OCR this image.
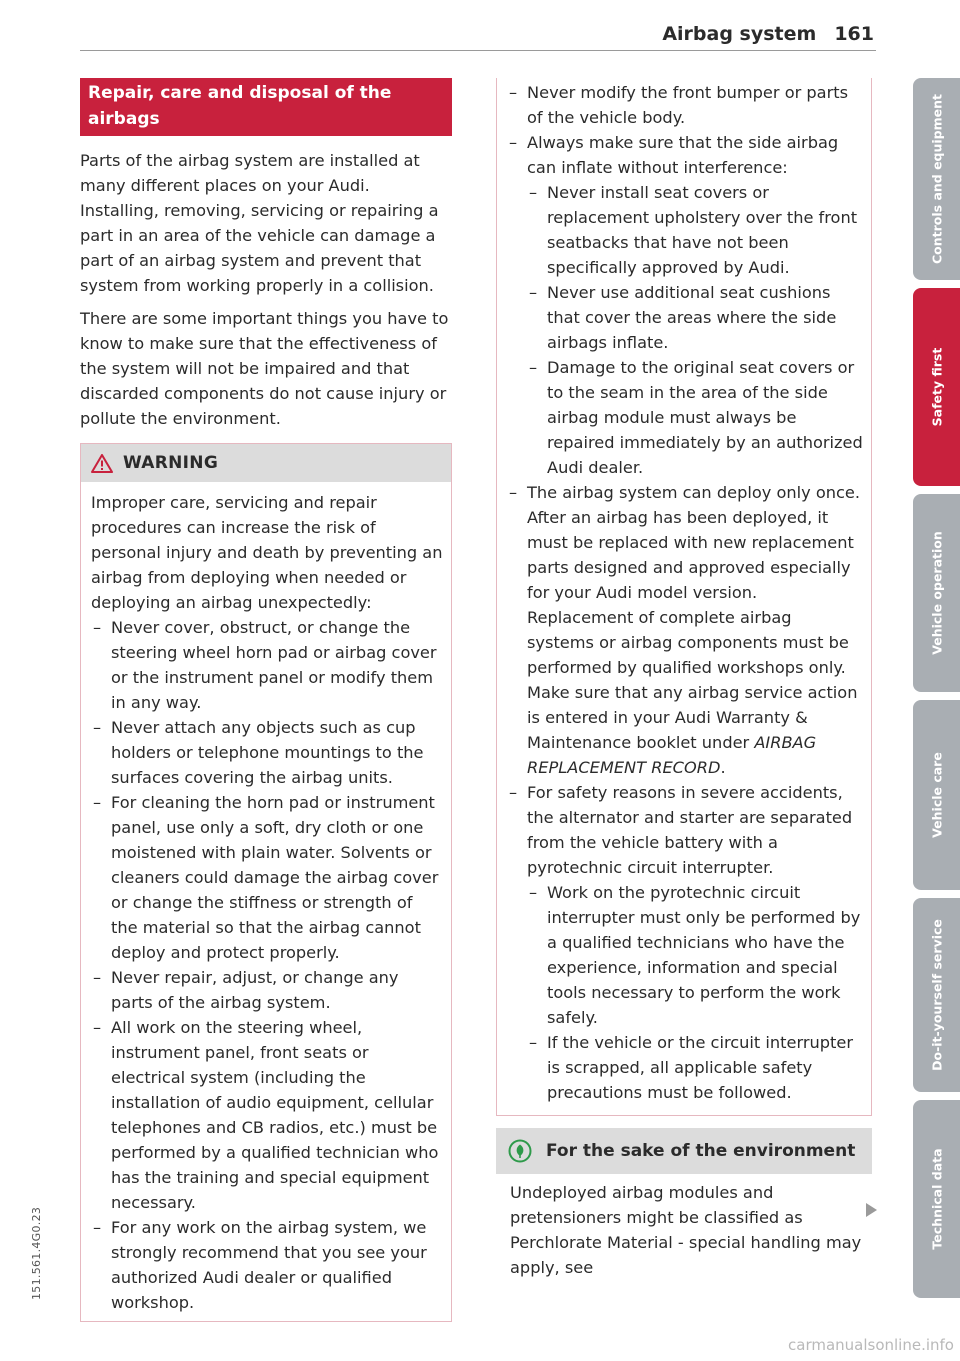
Airbag system 161
Repair, care and disposal of the airbags

Parts of the airbag system are installed at many different places on your Audi. Installing, removing, servicing or repairing a part in an area of the vehicle can damage a part of an airbag system and prevent that system from working properly in a collision.

There are some important things you have to know to make sure that the effectiveness of the system will not be impaired and that discarded components do not cause injury or pollute the environment.

WARNING

Improper care, servicing and repair procedures can increase the risk of personal injury and death by preventing an airbag from deploying when needed or deploying an airbag unexpectedly:

– Never cover, obstruct, or change the steering wheel horn pad or airbag cover or the instrument panel or modify them in any way.
– Never attach any objects such as cup holders or telephone mountings to the surfaces covering the airbag units.
– For cleaning the horn pad or instrument panel, use only a soft, dry cloth or one moistened with plain water. Solvents or cleaners could damage the airbag cover or change the stiffness or strength of the material so that the airbag cannot deploy and protect properly.
– Never repair, adjust, or change any parts of the airbag system.
– All work on the steering wheel, instrument panel, front seats or electrical system (including the installation of audio equipment, cellular telephones and CB radios, etc.) must be performed by a qualified technician who has the training and special equipment necessary.
– For any work on the airbag system, we strongly recommend that you see your authorized Audi dealer or qualified workshop.
– Never modify the front bumper or parts of the vehicle body.
– Always make sure that the side airbag can inflate without interference:
– Never install seat covers or replacement upholstery over the front seatbacks that have not been specifically approved by Audi.
– Never use additional seat cushions that cover the areas where the side airbags inflate.
– Damage to the original seat covers or to the seam in the area of the side airbag module must always be repaired immediately by an authorized Audi dealer.
– The airbag system can deploy only once. After an airbag has been deployed, it must be replaced with new replacement parts designed and approved especially for your Audi model version. Replacement of complete airbag systems or airbag components must be performed by qualified workshops only. Make sure that any airbag service action is entered in your Audi Warranty & Maintenance booklet under AIRBAG REPLACEMENT RECORD.
– For safety reasons in severe accidents, the alternator and starter are separated from the vehicle battery with a pyrotechnic circuit interrupter.
– Work on the pyrotechnic circuit interrupter must only be performed by a qualified technicians who have the experience, information and special tools necessary to perform the work safely.
– If the vehicle or the circuit interrupter is scrapped, all applicable safety precautions must be followed.
For the sake of the environment

Undeployed airbag modules and pretensioners might be classified as Perchlorate Material - special handling may apply, see

Controls and equipment
Safety first
Vehicle operation
Vehicle care
Do-it-yourself service
Technical data
151.561.4G0.23
carmanualsonline.info
